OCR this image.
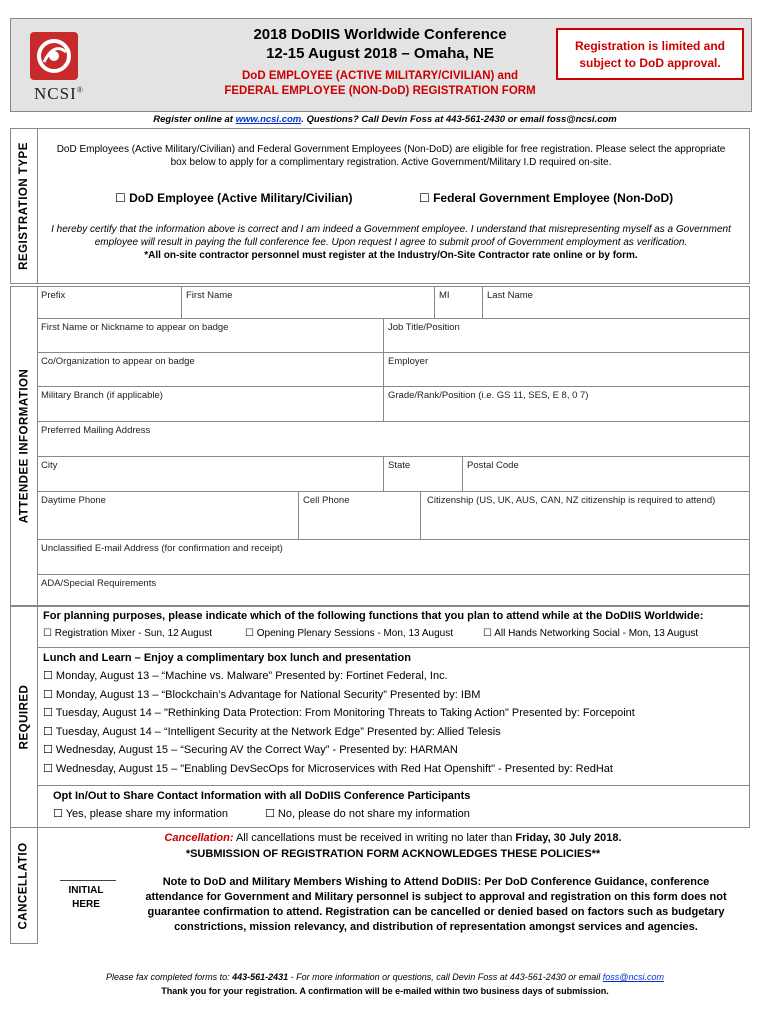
NCSI®
2018 DoDIIS Worldwide Conference
12-15 August 2018 – Omaha, NE
DoD EMPLOYEE (ACTIVE MILITARY/CIVILIAN) and
FEDERAL EMPLOYEE (NON-DoD) REGISTRATION FORM
Registration is limited and
subject to DoD approval.
Register online at www.ncsi.com. Questions? Call Devin Foss at 443-561-2430 or email foss@ncsi.com
REGISTRATION TYPE	DoD Employees (Active Military/Civilian) and Federal Government Employees (Non-DoD) are eligible for free registration. Please select the appropriate
box below to apply for a complimentary registration. Active Government/Military I.D required on-site.
☐ DoD Employee (Active Military/Civilian)	☐ Federal Government Employee (Non-DoD)
I hereby certify that the information above is correct and I am indeed a Government employee. I understand that misrepresenting myself as a Government
employee will result in paying the full conference fee. Upon request I agree to submit proof of Government employment as verification.
*All on-site contractor personnel must register at the Industry/On-Site Contractor rate online or by form.
ATTENDEE INFORMATION
Prefix	First Name	MI	Last Name
First Name or Nickname to appear on badge	Job Title/Position
Co/Organization to appear on badge	Employer
Military Branch (if applicable)	Grade/Rank/Position (i.e. GS 11, SES, E 8, 0 7)
Preferred Mailing Address
City	State	Postal Code
Daytime Phone	Cell Phone	Citizenship (US, UK, AUS, CAN, NZ citizenship is required to attend)
Unclassified E-mail Address (for confirmation and receipt)
ADA/Special Requirements
REQUIRED
For planning purposes, please indicate which of the following functions that you plan to attend while at the DoDIIS Worldwide:
☐ Registration Mixer - Sun, 12 August	☐ Opening Plenary Sessions - Mon, 13 August	☐ All Hands Networking Social - Mon, 13 August
Lunch and Learn – Enjoy a complimentary box lunch and presentation
☐ Monday, August 13 – “Machine vs. Malware” Presented by: Fortinet Federal, Inc.
☐ Monday, August 13 – “Blockchain’s Advantage for National Security” Presented by: IBM
☐ Tuesday, August 14 – "Rethinking Data Protection: From Monitoring Threats to Taking Action" Presented by: Forcepoint
☐ Tuesday, August 14 – “Intelligent Security at the Network Edge” Presented by: Allied Telesis
☐ Wednesday, August 15 – “Securing AV the Correct Way” - Presented by: HARMAN
☐ Wednesday, August 15 – "Enabling DevSecOps for Microservices with Red Hat Openshift" - Presented by: RedHat
Opt In/Out to Share Contact Information with all DoDIIS Conference Participants
☐ Yes, please share my information	☐ No, please do not share my information
CANCELLATIO
Cancellation: All cancellations must be received in writing no later than Friday, 30 July 2018.
*SUBMISSION OF REGISTRATION FORM ACKNOWLEDGES THESE POLICIES**
INITIAL
HERE
Note to DoD and Military Members Wishing to Attend DoDIIS: Per DoD Conference Guidance, conference
attendance for Government and Military personnel is subject to approval and registration on this form does not
guarantee confirmation to attend. Registration can be cancelled or denied based on factors such as budgetary
constrictions, mission relevancy, and distribution of representation amongst services and agencies.
Please fax completed forms to: 443-561-2431 - For more information or questions, call Devin Foss at 443-561-2430 or email foss@ncsi.com
Thank you for your registration. A confirmation will be e-mailed within two business days of submission.
